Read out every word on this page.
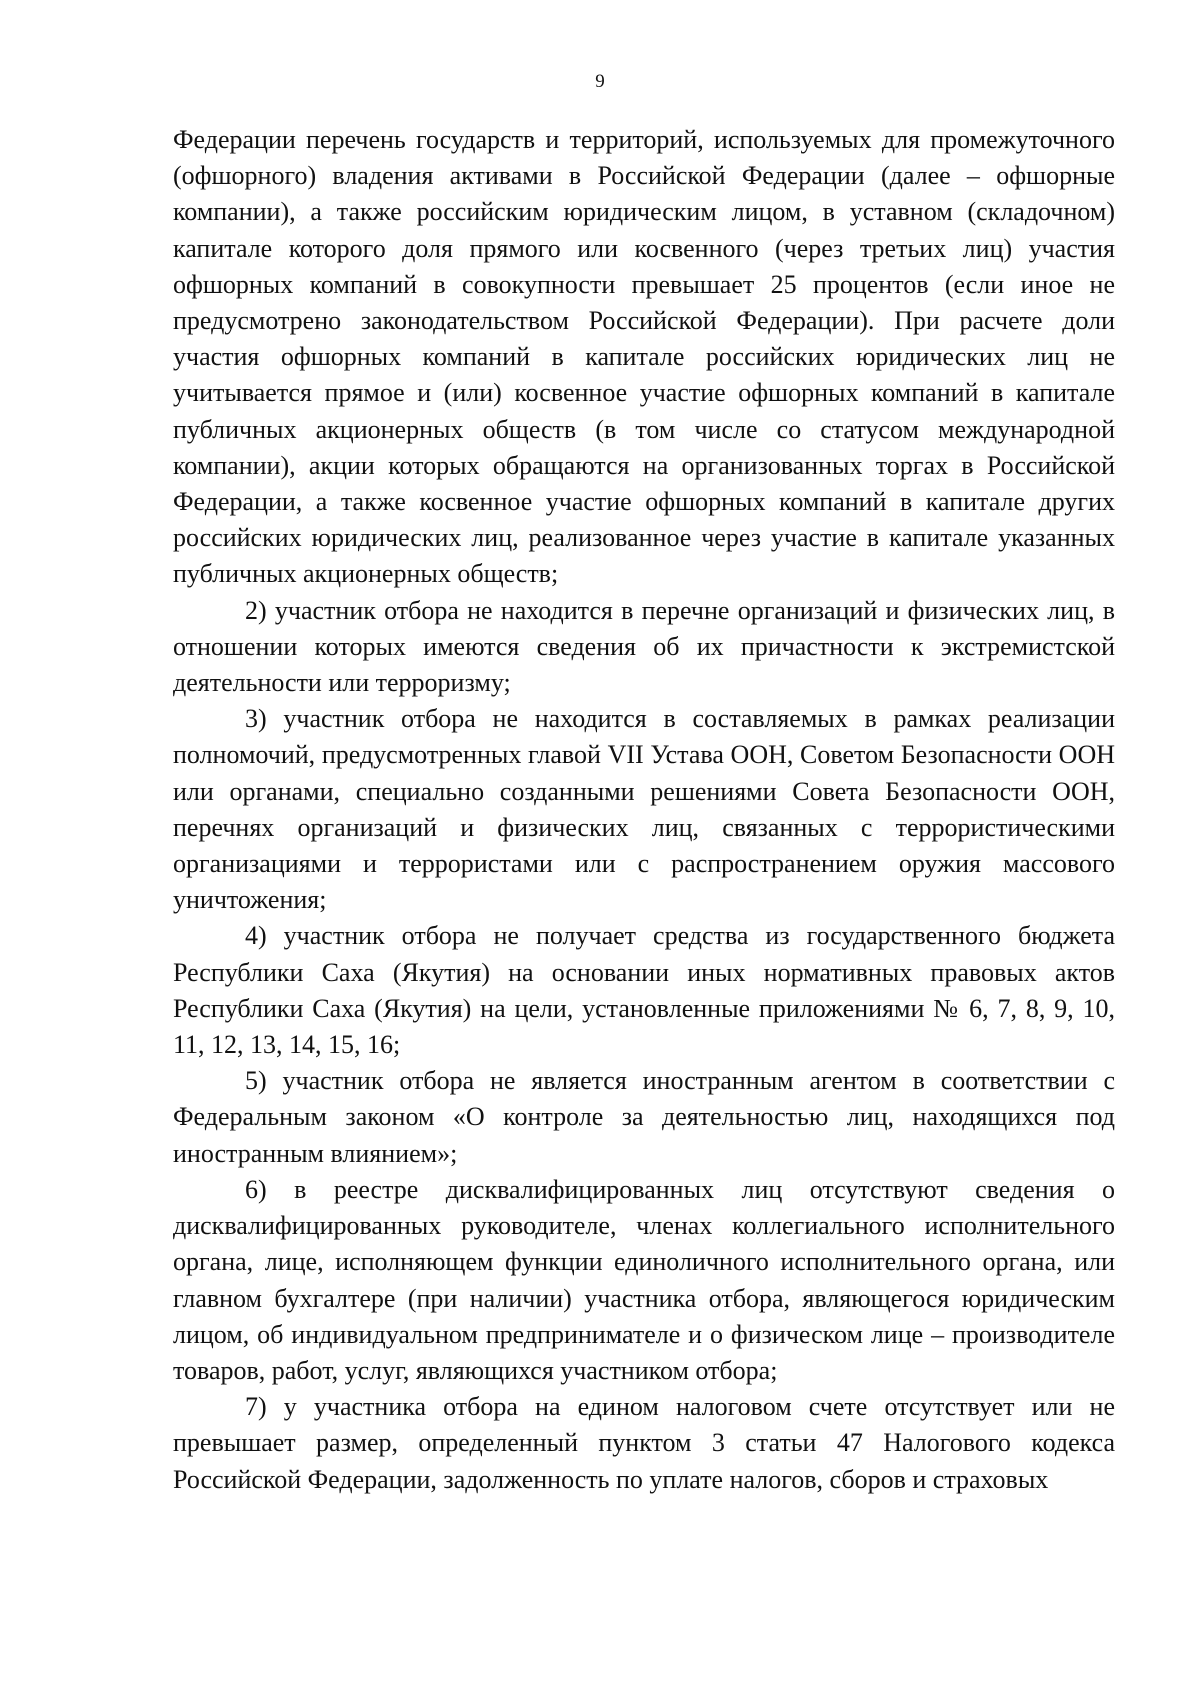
9

Федерации перечень государств и территорий, используемых для промежуточного (офшорного) владения активами в Российской Федерации (далее – офшорные компании), а также российским юридическим лицом, в уставном (складочном) капитале которого доля прямого или косвенного (через третьих лиц) участия офшорных компаний в совокупности превышает 25 процентов (если иное не предусмотрено законодательством Российской Федерации). При расчете доли участия офшорных компаний в капитале российских юридических лиц не учитывается прямое и (или) косвенное участие офшорных компаний в капитале публичных акционерных обществ (в том числе со статусом международной компании), акции которых обращаются на организованных торгах в Российской Федерации, а также косвенное участие офшорных компаний в капитале других российских юридических лиц, реализованное через участие в капитале указанных публичных акционерных обществ;

2) участник отбора не находится в перечне организаций и физических лиц, в отношении которых имеются сведения об их причастности к экстремистской деятельности или терроризму;

3) участник отбора не находится в составляемых в рамках реализации полномочий, предусмотренных главой VII Устава ООН, Советом Безопасности ООН или органами, специально созданными решениями Совета Безопасности ООН, перечнях организаций и физических лиц, связанных с террористическими организациями и террористами или с распространением оружия массового уничтожения;

4) участник отбора не получает средства из государственного бюджета Республики Саха (Якутия) на основании иных нормативных правовых актов Республики Саха (Якутия) на цели, установленные приложениями № 6, 7, 8, 9, 10, 11, 12, 13, 14, 15, 16;

5) участник отбора не является иностранным агентом в соответствии с Федеральным законом «О контроле за деятельностью лиц, находящихся под иностранным влиянием»;

6) в реестре дисквалифицированных лиц отсутствуют сведения о дисквалифицированных руководителе, членах коллегиального исполнительного органа, лице, исполняющем функции единоличного исполнительного органа, или главном бухгалтере (при наличии) участника отбора, являющегося юридическим лицом, об индивидуальном предпринимателе и о физическом лице – производителе товаров, работ, услуг, являющихся участником отбора;

7) у участника отбора на едином налоговом счете отсутствует или не превышает размер, определенный пунктом 3 статьи 47 Налогового кодекса Российской Федерации, задолженность по уплате налогов, сборов и страховых
